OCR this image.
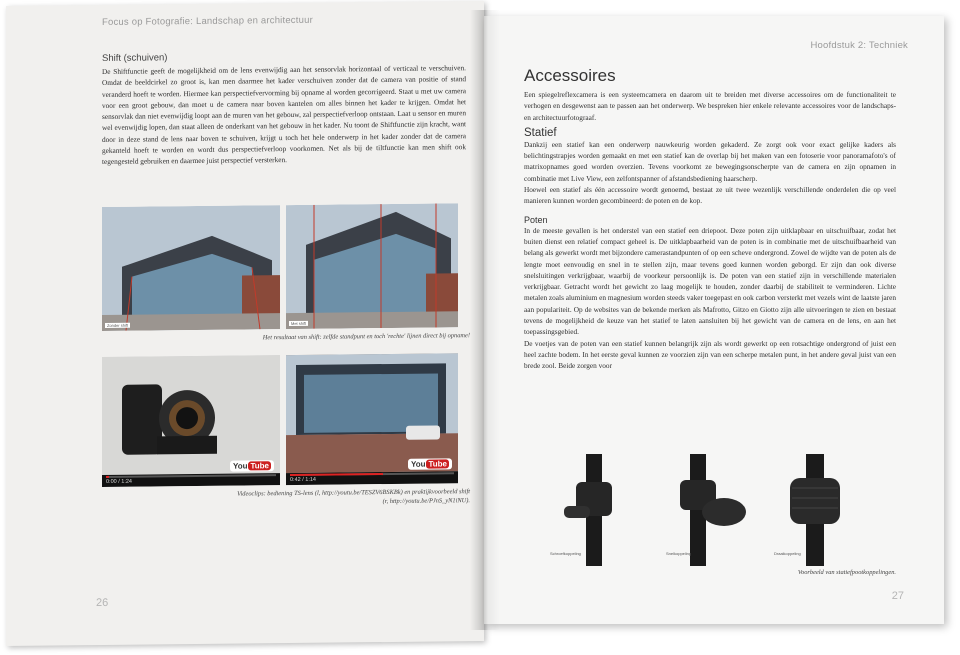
Focus op Fotografie: Landschap en architectuur

Shift (schuiven)

De Shiftfunctie geeft de mogelijkheid om de lens evenwijdig aan het sensorvlak horizontaal of verticaal te verschuiven. Omdat de beeldcirkel zo groot is, kan men daarmee het kader verschuiven zonder dat de camera van positie of stand veranderd hoeft te worden. Hiermee kan perspectiefvervorming bij opname al worden gecorrigeerd. Staat u met uw camera voor een groot gebouw, dan moet u de camera naar boven kantelen om alles binnen het kader te krijgen. Omdat het sensorvlak dan niet evenwijdig loopt aan de muren van het gebouw, zal perspectiefverloop ontstaan. Laat u sensor en muren wel evenwijdig lopen, dan staat alleen de onderkant van het gebouw in het kader. Nu toont de Shiftfunctie zijn kracht, want door in deze stand de lens naar boven te schuiven, krijgt u toch het hele onderwerp in het kader zonder dat de camera gekanteld hoeft te worden en wordt dus perspectiefverloop voorkomen. Net als bij de tiltfunctie kan men shift ook tegengesteld gebruiken en daarmee juist perspectief versterken.

Zonder shift	Met shift

Het resultaat van shift: zelfde standpunt en toch 'rechte' lijnen direct bij opname!

You Tube
0:00 / 1:24
You Tube
0:42 / 1:14

Videoclips: bediening TS-lens (l, http://youtu.be/TESZV6BSKBk) en praktijkvoorbeeld shift

(r, http://youtu.be/PJnS_yN1iNU).

26
Hoofdstuk 2: Techniek

Accessoires

Een spiegelreflexcamera is een systeemcamera en daarom uit te breiden met diverse accessoires om de functionaliteit te verhogen en desgewenst aan te passen aan het onderwerp. We bespreken hier enkele relevante accessoires voor de landschaps- en architectuurfotograaf.

Statief

Dankzij een statief kan een onderwerp nauwkeurig worden gekaderd. Ze zorgt ook voor exact gelijke kaders als belichtingstrapjes worden gemaakt en met een statief kan de overlap bij het maken van een fotoserie voor panoramafoto's of matrixopnames goed worden overzien. Tevens voorkomt ze bewegingsonscherpte van de camera en zijn opnamen in combinatie met Live View, een zelfontspanner of afstandsbediening haarscherp.

Hoewel een statief als één accessoire wordt genoemd, bestaat ze uit twee wezenlijk verschillende onderdelen die op veel manieren kunnen worden gecombineerd: de poten en de kop.

Poten

In de meeste gevallen is het onderstel van een statief een driepoot. Deze poten zijn uitklapbaar en uitschuifbaar, zodat het buiten dienst een relatief compact geheel is. De uitklapbaarheid van de poten is in combinatie met de uitschuifbaarheid van belang als gewerkt wordt met bijzondere camerastandpunten of op een scheve ondergrond. Zowel de wijdte van de poten als de lengte moet eenvoudig en snel in te stellen zijn, maar tevens goed kunnen worden geborgd. Er zijn dan ook diverse snelsluitingen verkrijgbaar, waarbij de voorkeur persoonlijk is. De poten van een statief zijn in verschillende materialen verkrijgbaar. Getracht wordt het gewicht zo laag mogelijk te houden, zonder daarbij de stabiliteit te verminderen. Lichte metalen zoals aluminium en magnesium worden steeds vaker toegepast en ook carbon versterkt met vezels wint de laatste jaren aan populariteit. Op de websites van de bekende merken als Mafrotto, Gitzo en Giotto zijn alle uitvoeringen te zien en bestaat tevens de mogelijkheid de keuze van het statief te laten aansluiten bij het gewicht van de camera en de lens, en aan het toepassingsgebied.

De voetjes van de poten van een statief kunnen belangrijk zijn als wordt gewerkt op een rotsachtige ondergrond of juist een heel zachte bodem. In het eerste geval kunnen ze voorzien zijn van een scherpe metalen punt, in het andere geval juist van een brede zool. Beide zorgen voor

Schroefkoppeling	Snelkoppeling	Draaikoppeling

Voorbeeld van statiefpootkoppelingen.

27
